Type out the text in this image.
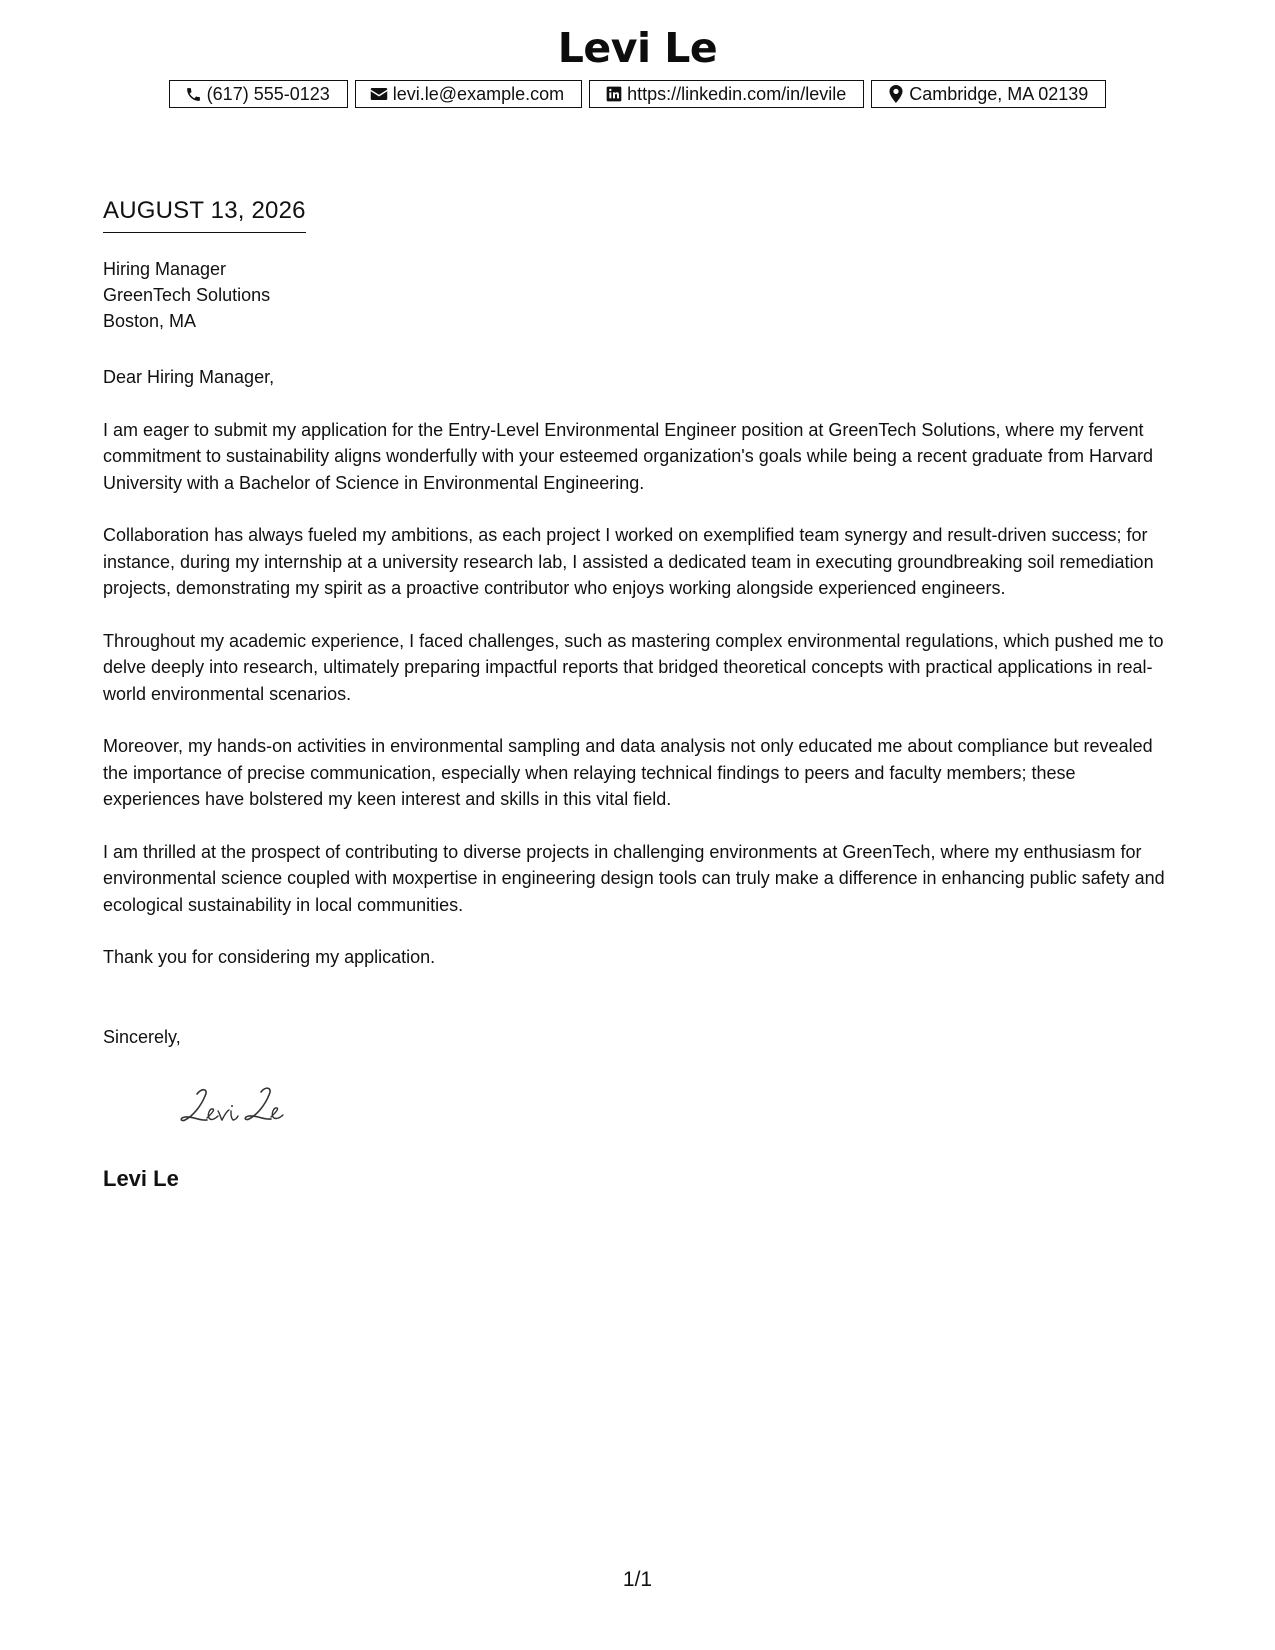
Levi Le
(617) 555-0123	levi.le@example.com	https://linkedin.com/in/levile	Cambridge, MA 02139
AUGUST 13, 2026
Hiring Manager
GreenTech Solutions
Boston, MA

Dear Hiring Manager,

I am eager to submit my application for the Entry-Level Environmental Engineer position at GreenTech Solutions, where my fervent commitment to sustainability aligns wonderfully with your esteemed organization's goals while being a recent graduate from Harvard University with a Bachelor of Science in Environmental Engineering.

Collaboration has always fueled my ambitions, as each project I worked on exemplified team synergy and result-driven success; for instance, during my internship at a university research lab, I assisted a dedicated team in executing groundbreaking soil remediation projects, demonstrating my spirit as a proactive contributor who enjoys working alongside experienced engineers.

Throughout my academic experience, I faced challenges, such as mastering complex environmental regulations, which pushed me to delve deeply into research, ultimately preparing impactful reports that bridged theoretical concepts with practical applications in real-world environmental scenarios.

Moreover, my hands-on activities in environmental sampling and data analysis not only educated me about compliance but revealed the importance of precise communication, especially when relaying technical findings to peers and faculty members; these experiences have bolstered my keen interest and skills in this vital field.

I am thrilled at the prospect of contributing to diverse projects in challenging environments at GreenTech, where my enthusiasm for environmental science coupled with мoxpertise in engineering design tools can truly make a difference in enhancing public safety and ecological sustainability in local communities.

Thank you for considering my application.

Sincerely,
Levi Le
1/1
